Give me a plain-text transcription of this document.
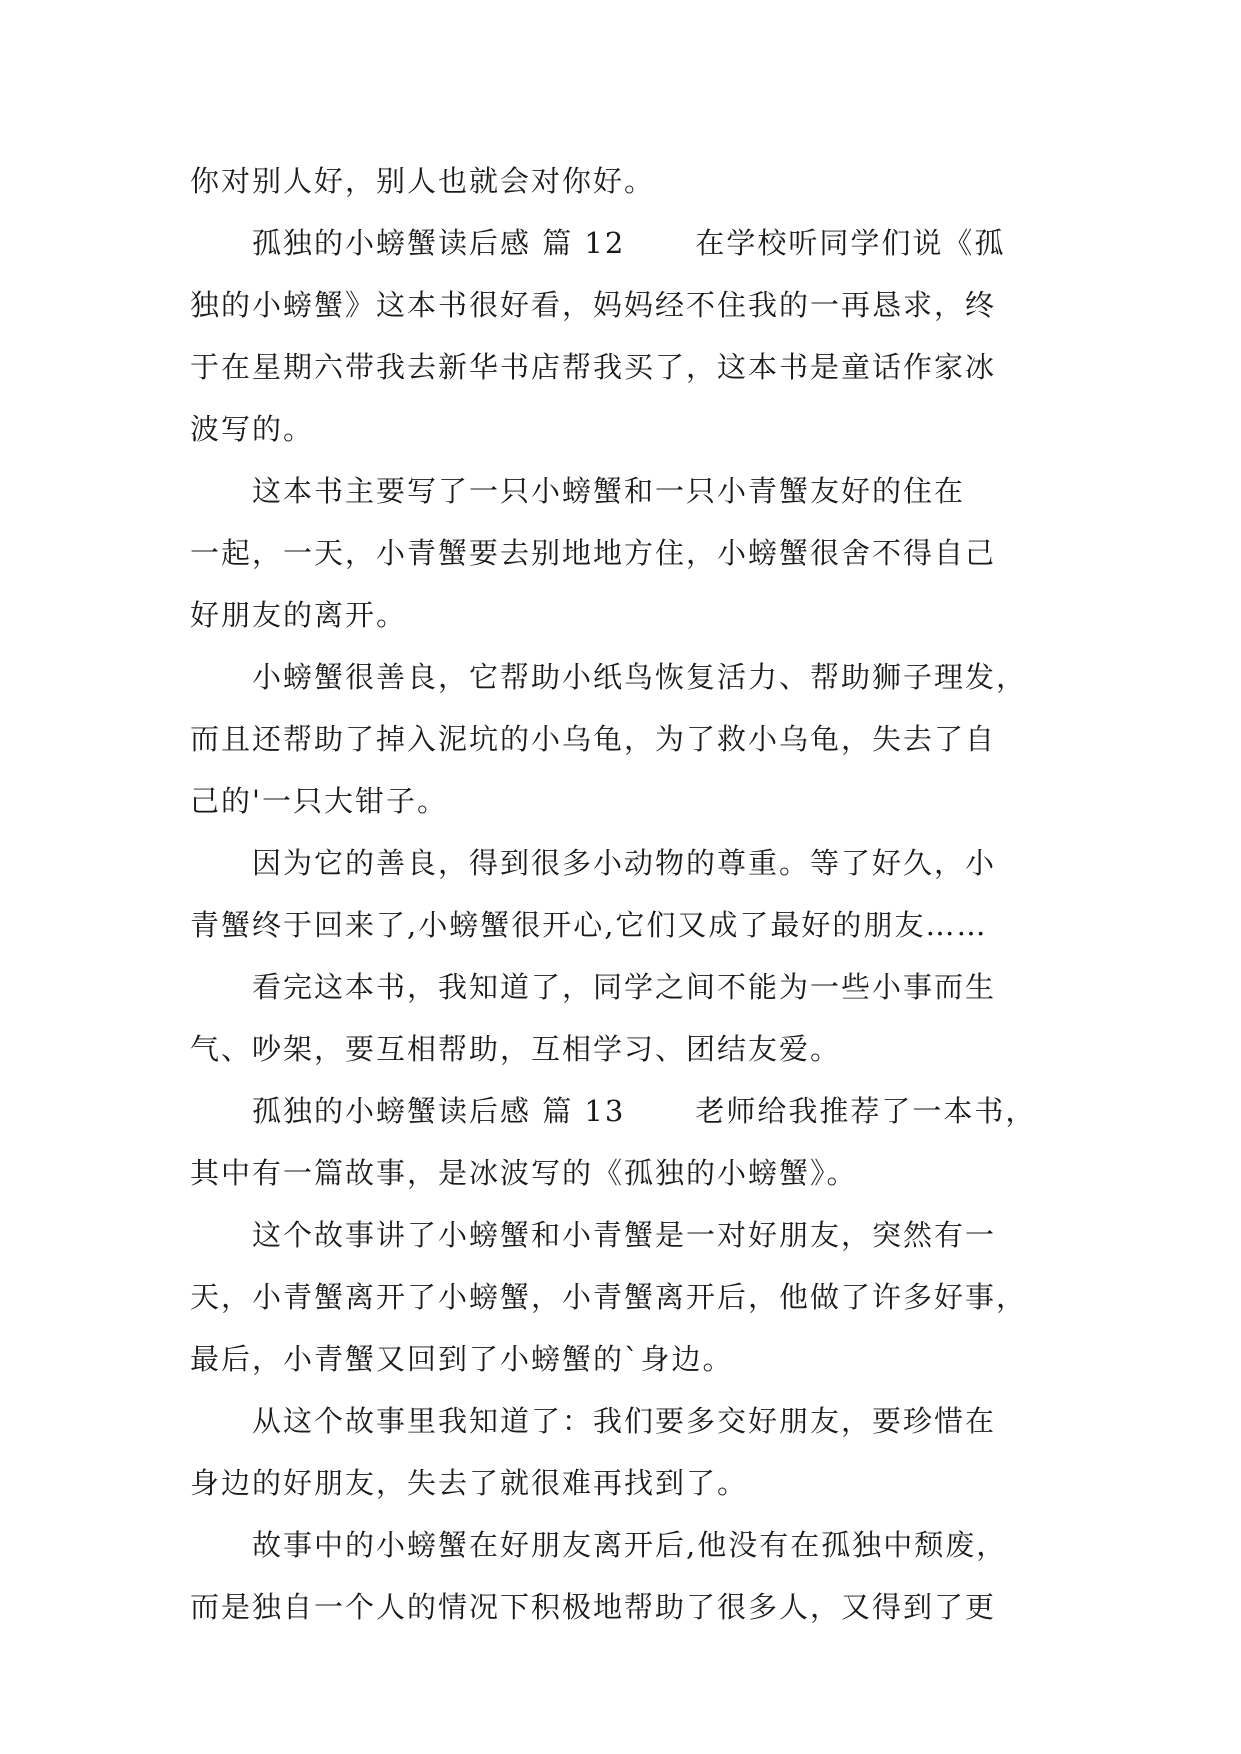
你对别人好，别人也就会对你好。
孤独的小螃蟹读后感 篇 12 在学校听同学们说《孤
独的小螃蟹》这本书很好看，妈妈经不住我的一再恳求，终
于在星期六带我去新华书店帮我买了，这本书是童话作家冰
波写的。
这本书主要写了一只小螃蟹和一只小青蟹友好的住在
一起，一天，小青蟹要去别地地方住，小螃蟹很舍不得自己
好朋友的离开。
小螃蟹很善良，它帮助小纸鸟恢复活力、帮助狮子理发，
而且还帮助了掉入泥坑的小乌龟，为了救小乌龟，失去了自
己的'一只大钳子。
因为它的善良，得到很多小动物的尊重。等了好久，小
青蟹终于回来了,小螃蟹很开心,它们又成了最好的朋友……
看完这本书，我知道了，同学之间不能为一些小事而生
气、吵架，要互相帮助，互相学习、团结友爱。
孤独的小螃蟹读后感 篇 13 老师给我推荐了一本书，
其中有一篇故事，是冰波写的《孤独的小螃蟹》。
这个故事讲了小螃蟹和小青蟹是一对好朋友，突然有一
天，小青蟹离开了小螃蟹，小青蟹离开后，他做了许多好事，
最后，小青蟹又回到了小螃蟹的`身边。
从这个故事里我知道了：我们要多交好朋友，要珍惜在
身边的好朋友，失去了就很难再找到了。
故事中的小螃蟹在好朋友离开后,他没有在孤独中颓废，
而是独自一个人的情况下积极地帮助了很多人，又得到了更
